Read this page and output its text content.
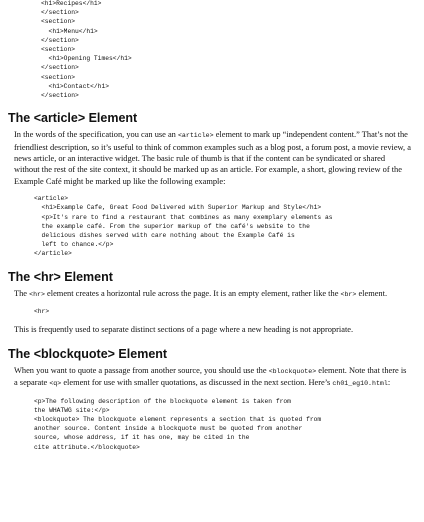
<h1>Recipes</h1>
</section>
<section>
<h1>Menu</h1>
</section>
<section>
<h1>Opening Times</h1>
</section>
<section>
<h1>Contact</h1>
</section>
The <article> Element

In the words of the specification, you can use an <article> element to mark up “independent content.” That’s not the friendliest description, so it’s useful to think of common examples such as a blog post, a forum post, a movie review, a news article, or an interactive widget. The basic rule of thumb is that if the content can be syndicated or shared without the rest of the site context, it should be marked up as an article. For example, a short, glowing review of the Example Café might be marked up like the following example:

<article>
<h1>Example Cafe, Great Food Delivered with Superior Markup and Style</h1>
<p>It's rare to find a restaurant that combines as many exemplary elements as
the example café. From the superior markup of the café's website to the
delicious dishes served with care nothing about the Example Café is
left to chance.</p>
</article>
The <hr> Element

The <hr> element creates a horizontal rule across the page. It is an empty element, rather like the <br> element.

<hr>

This is frequently used to separate distinct sections of a page where a new heading is not appropriate.

The <blockquote> Element

When you want to quote a passage from another source, you should use the <blockquote> element. Note that there is a separate <q> element for use with smaller quotations, as discussed in the next section. Here’s ch01_eg10.html:

<p>The following description of the blockquote element is taken from
the WHATWG site:</p>
<blockquote> The blockquote element represents a section that is quoted from
another source. Content inside a blockquote must be quoted from another
source, whose address, if it has one, may be cited in the
cite attribute.</blockquote>
